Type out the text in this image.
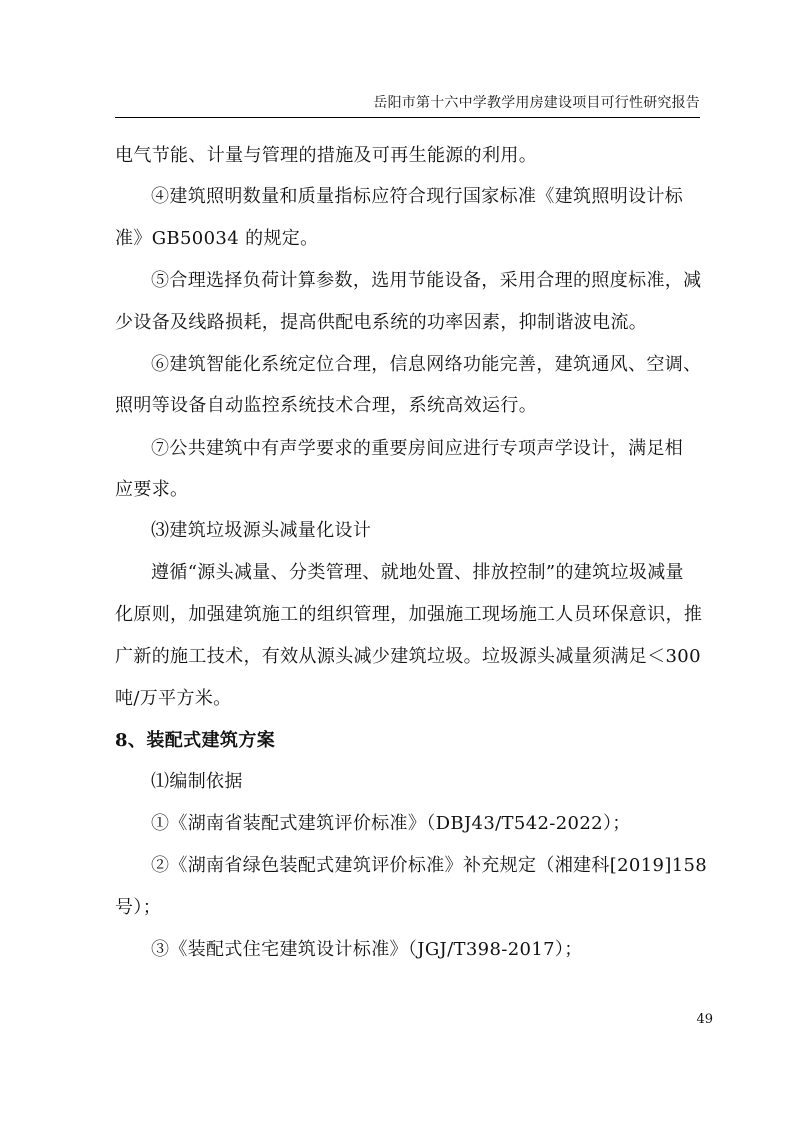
岳阳市第十六中学教学用房建设项目可行性研究报告
电气节能、计量与管理的措施及可再生能源的利用。
④建筑照明数量和质量指标应符合现行国家标准《建筑照明设计标
准》GB50034 的规定。
⑤合理选择负荷计算参数，选用节能设备，采用合理的照度标准，减
少设备及线路损耗，提高供配电系统的功率因素，抑制谐波电流。
⑥建筑智能化系统定位合理，信息网络功能完善，建筑通风、空调、
照明等设备自动监控系统技术合理，系统高效运行。
⑦公共建筑中有声学要求的重要房间应进行专项声学设计，满足相
应要求。
⑶建筑垃圾源头减量化设计
遵循“源头减量、分类管理、就地处置、排放控制”的建筑垃圾减量
化原则，加强建筑施工的组织管理，加强施工现场施工人员环保意识，推
广新的施工技术，有效从源头减少建筑垃圾。垃圾源头减量须满足＜300
吨/万平方米。
8、装配式建筑方案
⑴编制依据
①《湖南省装配式建筑评价标准》（DBJ43/T542-2022）；
②《湖南省绿色装配式建筑评价标准》补充规定（湘建科[2019]158
号）；
③《装配式住宅建筑设计标准》（JGJ/T398-2017）；
49
